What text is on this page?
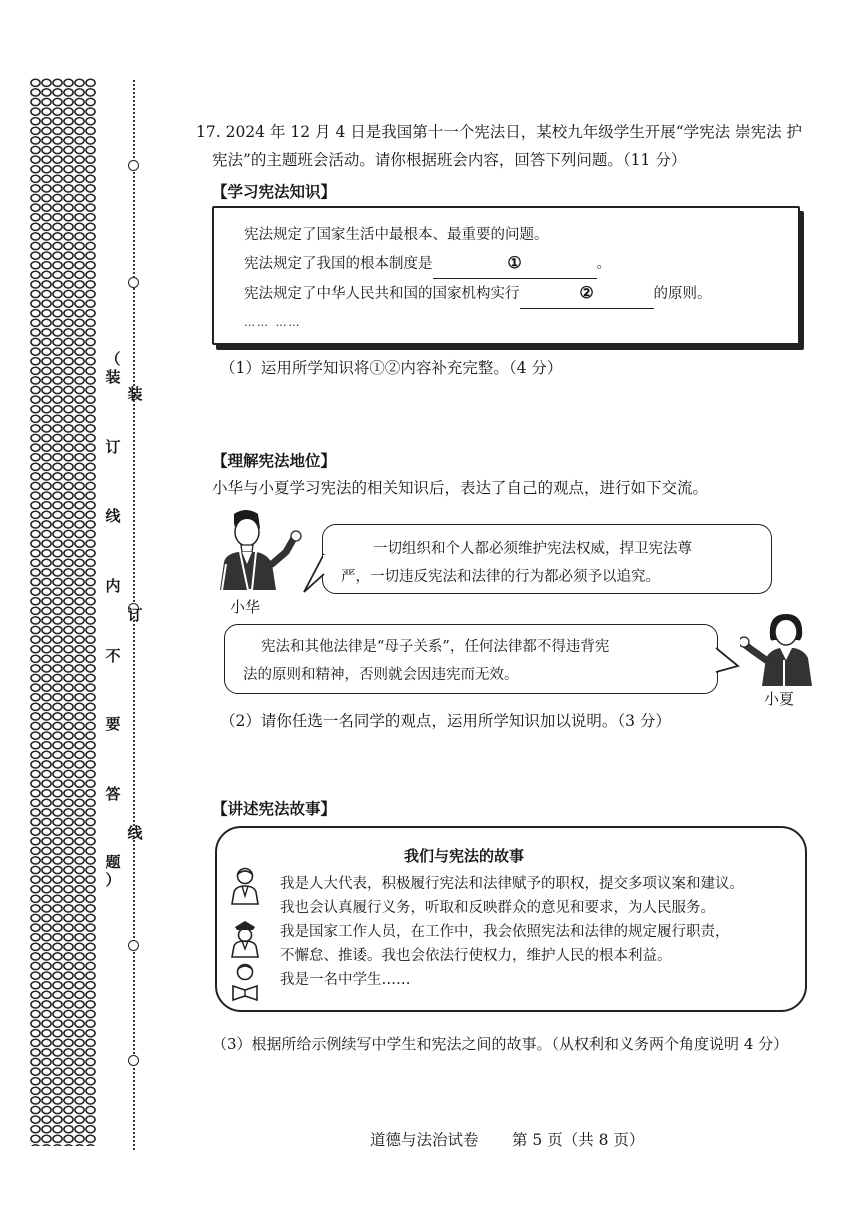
（
装
订
线
内
不
要
答
题
）
装
订
线
17. 2024 年 12 月 4 日是我国第十一个宪法日，某校九年级学生开展“学宪法 崇宪法 护
宪法”的主题班会活动。请你根据班会内容，回答下列问题。（11 分）
【学习宪法知识】
宪法规定了国家生活中最根本、最重要的问题。
宪法规定了我国的根本制度是	①	。
宪法规定了中华人民共和国的国家机构实行	②	的原则。
…… ……
（1）运用所学知识将①②内容补充完整。（4 分）
【理解宪法地位】
小华与小夏学习宪法的相关知识后，表达了自己的观点，进行如下交流。
小华
一切组织和个人都必须维护宪法权威，捍卫宪法尊
严，一切违反宪法和法律的行为都必须予以追究。
宪法和其他法律是“母子关系”，任何法律都不得违背宪
法的原则和精神，否则就会因违宪而无效。
小夏
（2）请你任选一名同学的观点，运用所学知识加以说明。（3 分）
【讲述宪法故事】
我们与宪法的故事
我是人大代表，积极履行宪法和法律赋予的职权，提交多项议案和建议。
我也会认真履行义务，听取和反映群众的意见和要求，为人民服务。
我是国家工作人员，在工作中，我会依照宪法和法律的规定履行职责，
不懈怠、推诿。我也会依法行使权力，维护人民的根本利益。
我是一名中学生……
（3）根据所给示例续写中学生和宪法之间的故事。（从权利和义务两个角度说明 4 分）
道德与法治试卷 第 5 页（共 8 页）
